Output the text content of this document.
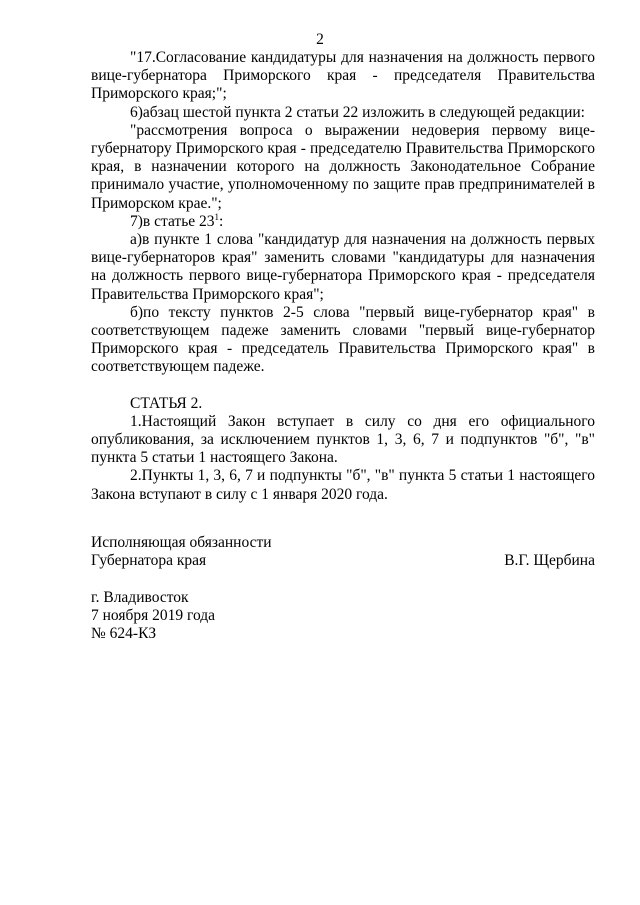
2

"17.Согласование кандидатуры для назначения на должность первого вице-губернатора Приморского края - председателя Правительства Приморского края;";

6)абзац шестой пункта 2 статьи 22 изложить в следующей редакции:

"рассмотрения вопроса о выражении недоверия первому вице-губернатору Приморского края - председателю Правительства Приморского края, в назначении которого на должность Законодательное Собрание принимало участие, уполномоченному по защите прав предпринимателей в Приморском крае.";

7)в статье $23^1$:

а)в пункте 1 слова "кандидатур для назначения на должность первых вице-губернаторов края" заменить словами "кандидатуры для назначения на должность первого вице-губернатора Приморского края - председателя Правительства Приморского края";

б)по тексту пунктов 2-5 слова "первый вице-губернатор края" в соответствующем падеже заменить словами "первый вице-губернатор Приморского края - председатель Правительства Приморского края" в соответствующем падеже.

СТАТЬЯ 2.

1.Настоящий Закон вступает в силу со дня его официального опубликования, за исключением пунктов 1, 3, 6, 7 и подпунктов "б", "в" пункта 5 статьи 1 настоящего Закона.

2.Пункты 1, 3, 6, 7 и подпункты "б", "в" пункта 5 статьи 1 настоящего Закона вступают в силу с 1 января 2020 года.

Исполняющая обязанности
Губернатора края	В.Г. Щербина
г. Владивосток
7 ноября 2019 года
№ 624-КЗ
